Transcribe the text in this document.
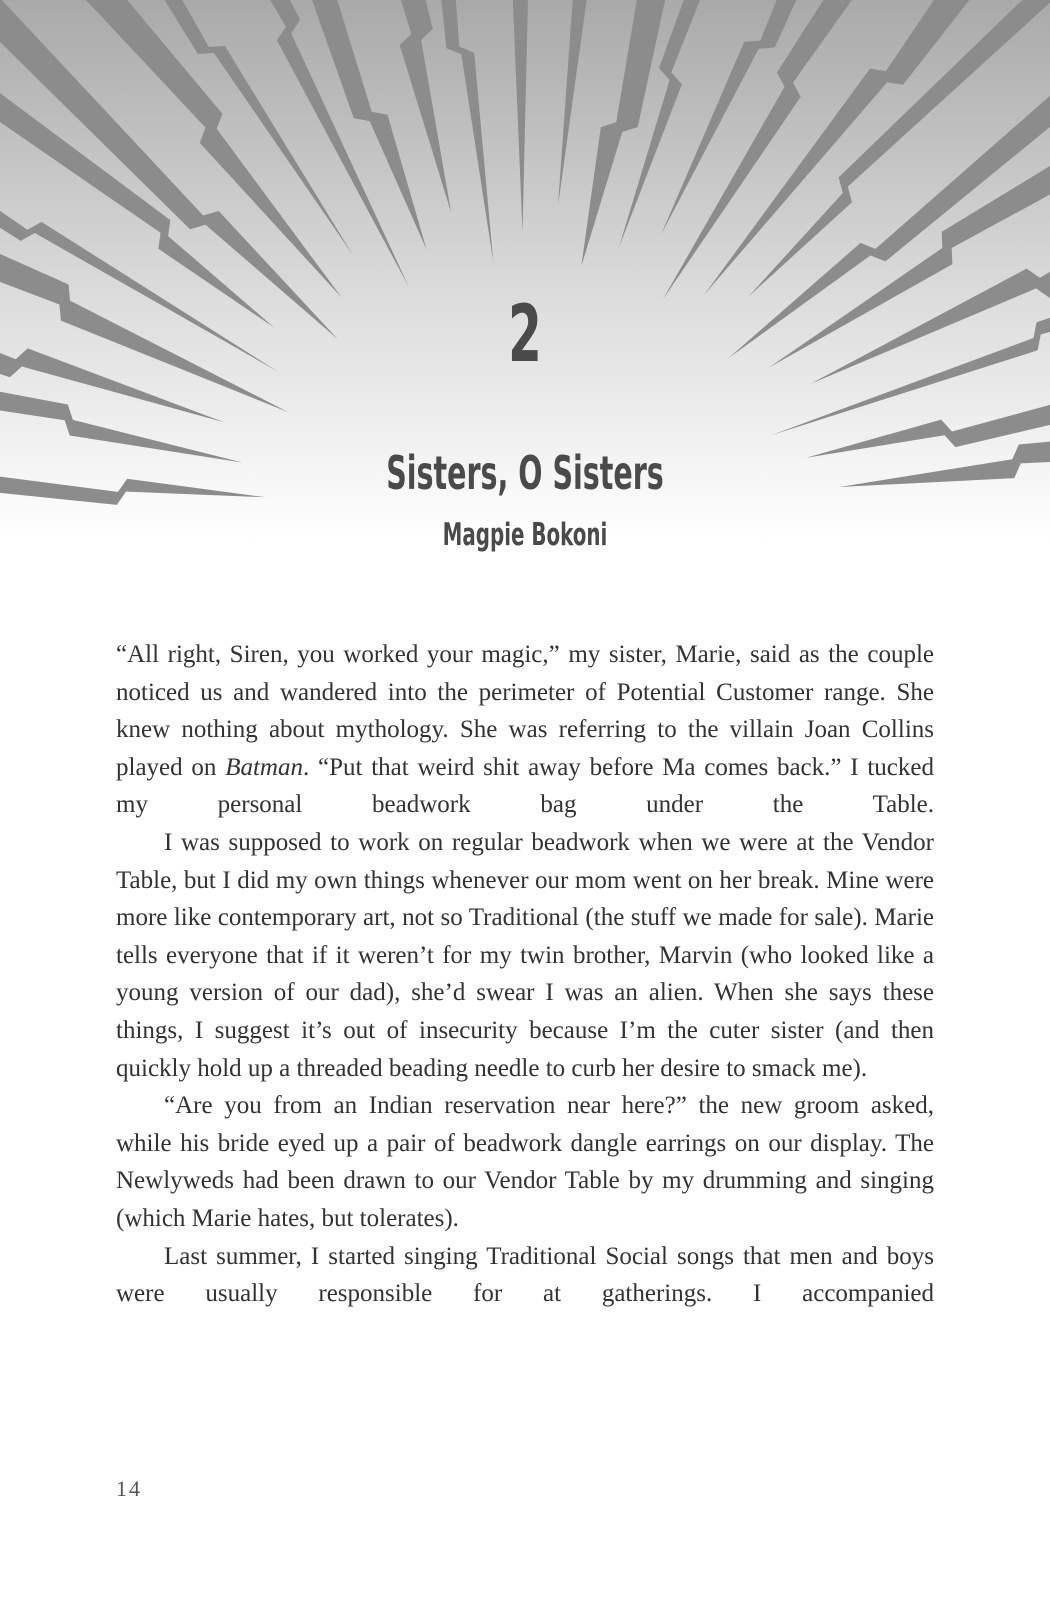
2
Sisters, O Sisters
Magpie Bokoni

“All right, Siren, you worked your magic,” my sister, Marie, said as the couple noticed us and wandered into the perimeter of Potential Customer range. She knew nothing about mythology. She was referring to the villain Joan Collins played on Batman. “Put that weird shit away before Ma comes back.” I tucked my personal beadwork bag under the Table.

I was supposed to work on regular beadwork when we were at the Vendor Table, but I did my own things whenever our mom went on her break. Mine were more like contemporary art, not so Traditional (the stuff we made for sale). Marie tells everyone that if it weren’t for my twin brother, Marvin (who looked like a young version of our dad), she’d swear I was an alien. When she says these things, I suggest it’s out of insecurity because I’m the cuter sister (and then quickly hold up a threaded beading needle to curb her desire to smack me).

“Are you from an Indian reservation near here?” the new groom asked, while his bride eyed up a pair of beadwork dangle earrings on our display. The Newlyweds had been drawn to our Vendor Table by my drumming and singing (which Marie hates, but tolerates).

Last summer, I started singing Traditional Social songs that men and boys were usually responsible for at gatherings. I accompanied

14
